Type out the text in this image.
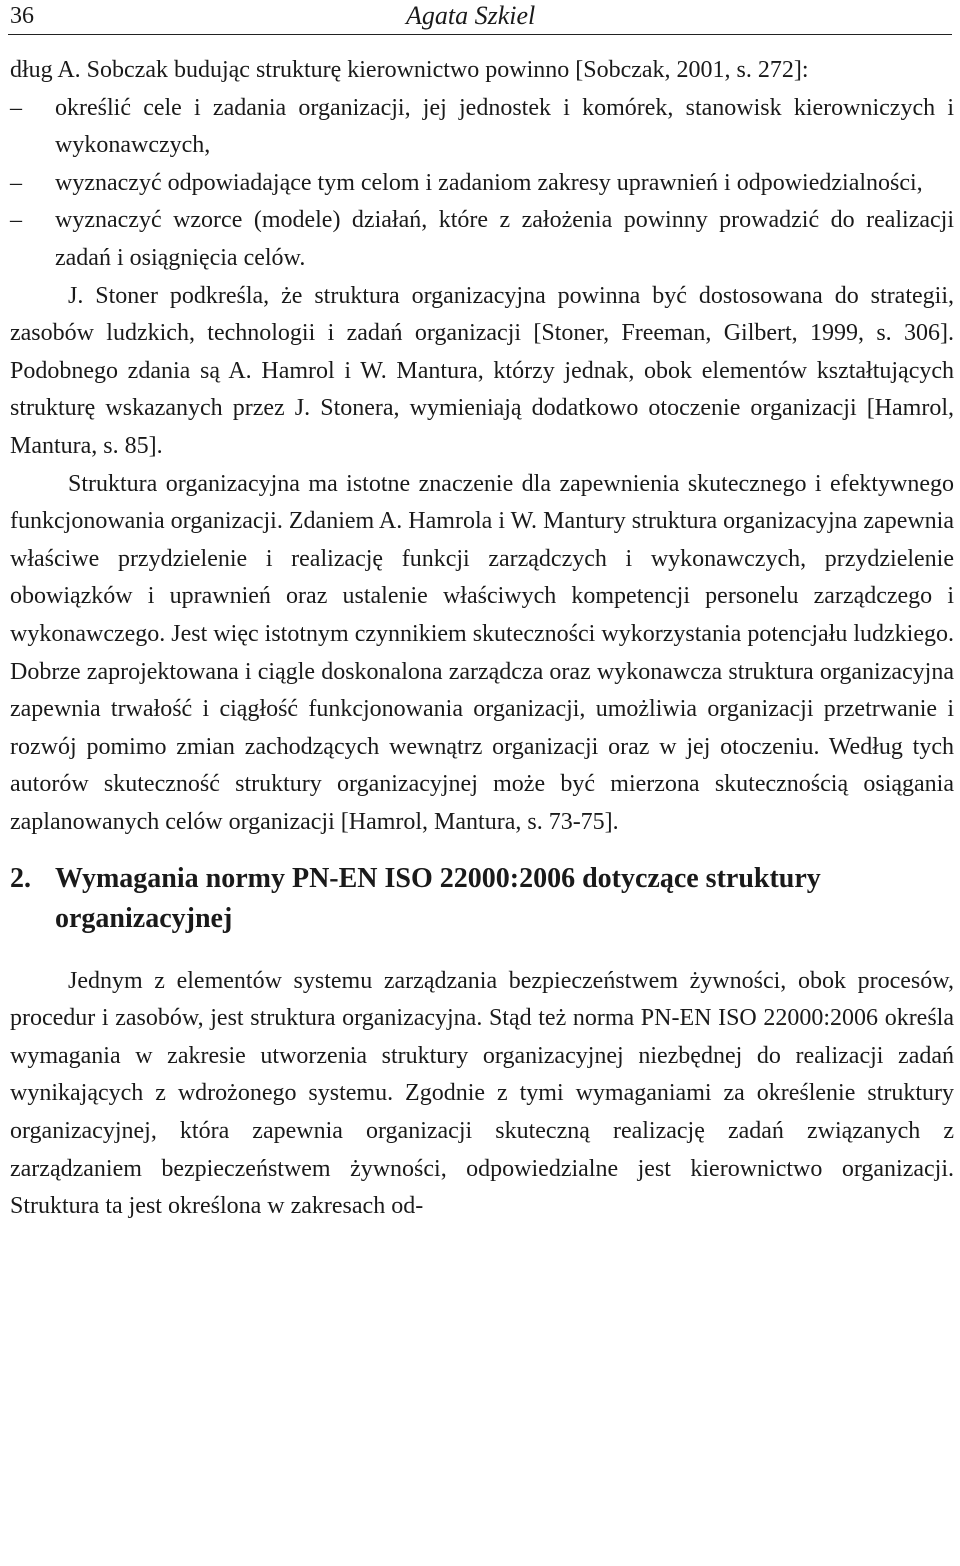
36	Agata Szkiel

dług A. Sobczak budując strukturę kierownictwo powinno [Sobczak, 2001, s. 272]:

– określić cele i zadania organizacji, jej jednostek i komórek, stanowisk kierowniczych i wykonawczych,
– wyznaczyć odpowiadające tym celom i zadaniom zakresy uprawnień i odpowiedzialności,
– wyznaczyć wzorce (modele) działań, które z założenia powinny prowadzić do realizacji zadań i osiągnięcia celów.

J. Stoner podkreśla, że struktura organizacyjna powinna być dostosowana do strategii, zasobów ludzkich, technologii i zadań organizacji [Stoner, Freeman, Gilbert, 1999, s. 306]. Podobnego zdania są A. Hamrol i W. Mantura, którzy jednak, obok elementów kształtujących strukturę wskazanych przez J. Stonera, wymieniają dodatkowo otoczenie organizacji [Hamrol, Mantura, s. 85].

Struktura organizacyjna ma istotne znaczenie dla zapewnienia skutecznego i efektywnego funkcjonowania organizacji. Zdaniem A. Hamrola i W. Mantury struktura organizacyjna zapewnia właściwe przydzielenie i realizację funkcji zarządczych i wykonawczych, przydzielenie obowiązków i uprawnień oraz ustalenie właściwych kompetencji personelu zarządczego i wykonawczego. Jest więc istotnym czynnikiem skuteczności wykorzystania potencjału ludzkiego. Dobrze zaprojektowana i ciągle doskonalona zarządcza oraz wykonawcza struktura organizacyjna zapewnia trwałość i ciągłość funkcjonowania organizacji, umożliwia organizacji przetrwanie i rozwój pomimo zmian zachodzących wewnątrz organizacji oraz w jej otoczeniu. Według tych autorów skuteczność struktury organizacyjnej może być mierzona skutecznością osiągania zaplanowanych celów organizacji [Hamrol, Mantura, s. 73-75].

2. Wymagania normy PN-EN ISO 22000:2006 dotyczące struktury organizacyjnej

Jednym z elementów systemu zarządzania bezpieczeństwem żywności, obok procesów, procedur i zasobów, jest struktura organizacyjna. Stąd też norma PN-EN ISO 22000:2006 określa wymagania w zakresie utworzenia struktury organizacyjnej niezbędnej do realizacji zadań wynikających z wdrożonego systemu. Zgodnie z tymi wymaganiami za określenie struktury organizacyjnej, która zapewnia organizacji skuteczną realizację zadań związanych z zarządzaniem bezpieczeństwem żywności, odpowiedzialne jest kierownictwo organizacji. Struktura ta jest określona w zakresach od-
